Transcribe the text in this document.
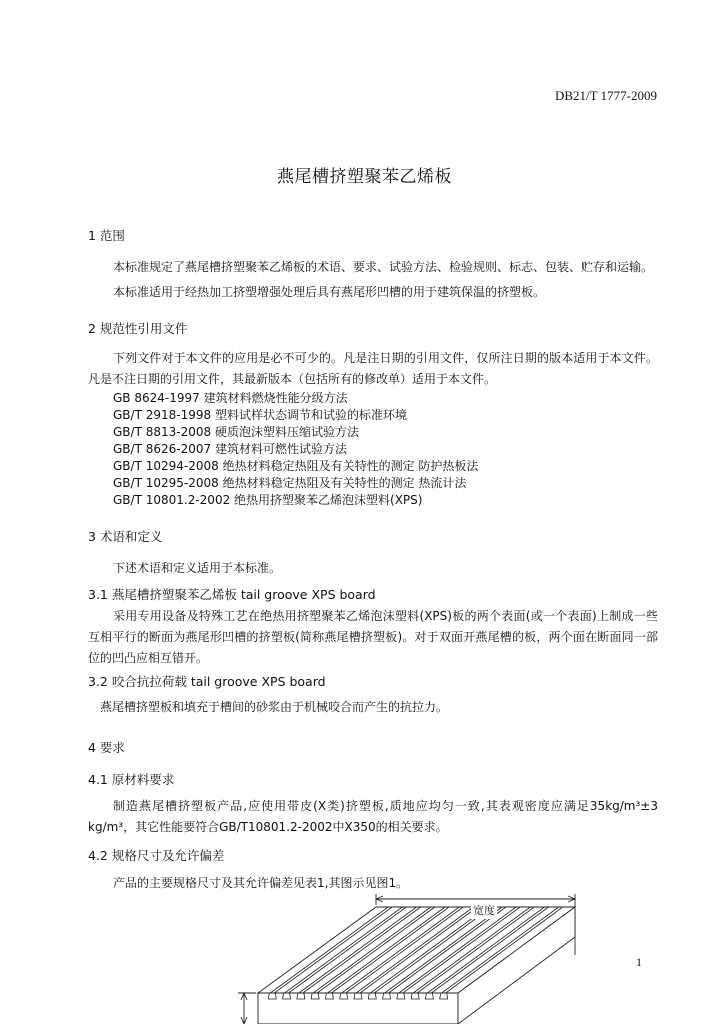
DB21/T 1777-2009
燕尾槽挤塑聚苯乙烯板
1 范围
本标准规定了燕尾槽挤塑聚苯乙烯板的术语、要求、试验方法、检验规则、标志、包装、贮存和运输。
本标准适用于经热加工挤塑增强处理后具有燕尾形凹槽的用于建筑保温的挤塑板。
2 规范性引用文件
下列文件对于本文件的应用是必不可少的。凡是注日期的引用文件，仅所注日期的版本适用于本文件。凡是不注日期的引用文件，其最新版本（包括所有的修改单）适用于本文件。
GB 8624-1997 建筑材料燃烧性能分级方法
GB/T 2918-1998 塑料试样状态调节和试验的标准环境
GB/T 8813-2008 硬质泡沫塑料压缩试验方法
GB/T 8626-2007 建筑材料可燃性试验方法
GB/T 10294-2008 绝热材料稳定热阻及有关特性的测定 防护热板法
GB/T 10295-2008 绝热材料稳定热阻及有关特性的测定 热流计法
GB/T 10801.2-2002 绝热用挤塑聚苯乙烯泡沫塑料(XPS)
3 术语和定义
下述术语和定义适用于本标准。
3.1 燕尾槽挤塑聚苯乙烯板 tail groove XPS board
采用专用设备及特殊工艺在绝热用挤塑聚苯乙烯泡沫塑料(XPS)板的两个表面(或一个表面)上制成一些互相平行的断面为燕尾形凹槽的挤塑板(简称燕尾槽挤塑板)。对于双面开燕尾槽的板，两个面在断面同一部位的凹凸应相互错开。
3.2 咬合抗拉荷载 tail groove XPS board
燕尾槽挤塑板和填充于槽间的砂浆由于机械咬合而产生的抗拉力。
4 要求
4.1 原材料要求
制造燕尾槽挤塑板产品,应使用带皮(X类)挤塑板,质地应均匀一致,其表观密度应满足35kg/m³±3 kg/m³，其它性能要符合GB/T10801.2-2002中X350的相关要求。
4.2 规格尺寸及允许偏差
产品的主要规格尺寸及其允许偏差见表1,其图示见图1。
宽度
1
